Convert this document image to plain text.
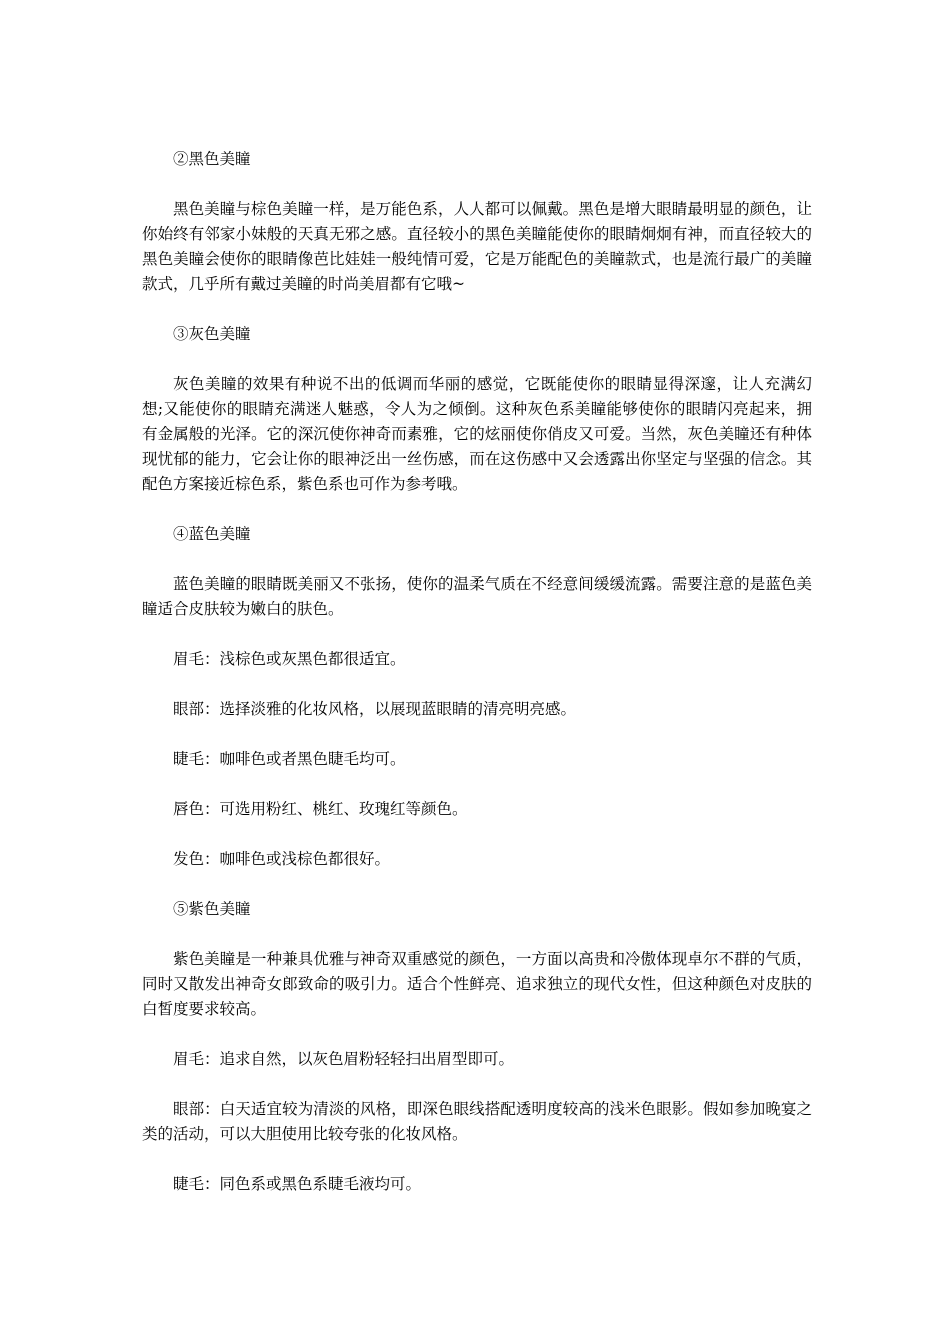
②黑色美瞳

黑色美瞳与棕色美瞳一样，是万能色系，人人都可以佩戴。黑色是增大眼睛最明显的颜色，让你始终有邻家小妹般的天真无邪之感。直径较小的黑色美瞳能使你的眼睛炯炯有神，而直径较大的黑色美瞳会使你的眼睛像芭比娃娃一般纯情可爱，它是万能配色的美瞳款式，也是流行最广的美瞳款式，几乎所有戴过美瞳的时尚美眉都有它哦~

③灰色美瞳

灰色美瞳的效果有种说不出的低调而华丽的感觉，它既能使你的眼睛显得深邃，让人充满幻想;又能使你的眼睛充满迷人魅惑，令人为之倾倒。这种灰色系美瞳能够使你的眼睛闪亮起来，拥有金属般的光泽。它的深沉使你神奇而素雅，它的炫丽使你俏皮又可爱。当然，灰色美瞳还有种体现忧郁的能力，它会让你的眼神泛出一丝伤感，而在这伤感中又会透露出你坚定与坚强的信念。其配色方案接近棕色系，紫色系也可作为参考哦。

④蓝色美瞳

蓝色美瞳的眼睛既美丽又不张扬，使你的温柔气质在不经意间缓缓流露。需要注意的是蓝色美瞳适合皮肤较为嫩白的肤色。

眉毛：浅棕色或灰黑色都很适宜。

眼部：选择淡雅的化妆风格，以展现蓝眼睛的清亮明亮感。

睫毛：咖啡色或者黑色睫毛均可。

唇色：可选用粉红、桃红、玫瑰红等颜色。

发色：咖啡色或浅棕色都很好。

⑤紫色美瞳

紫色美瞳是一种兼具优雅与神奇双重感觉的颜色，一方面以高贵和冷傲体现卓尔不群的气质，同时又散发出神奇女郎致命的吸引力。适合个性鲜亮、追求独立的现代女性，但这种颜色对皮肤的白皙度要求较高。

眉毛：追求自然，以灰色眉粉轻轻扫出眉型即可。

眼部：白天适宜较为清淡的风格，即深色眼线搭配透明度较高的浅米色眼影。假如参加晚宴之类的活动，可以大胆使用比较夸张的化妆风格。

睫毛：同色系或黑色系睫毛液均可。
